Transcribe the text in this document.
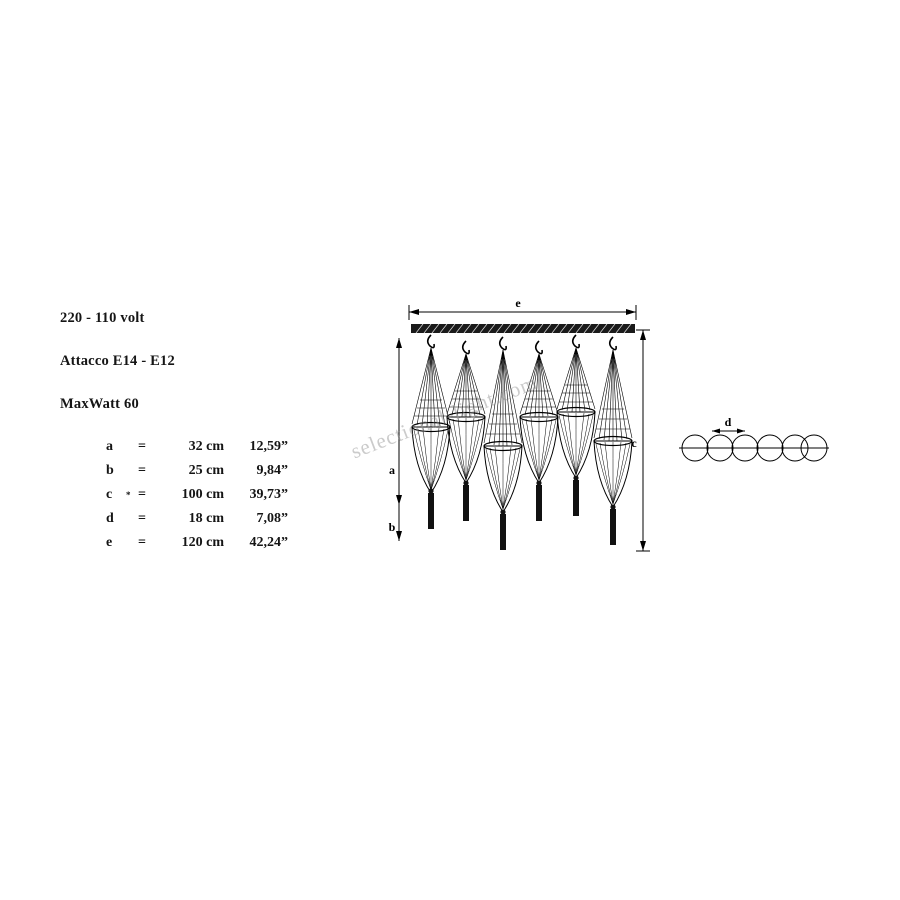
220 - 110 volt
Attacco E14 - E12
MaxWatt 60
a	=	32 cm	12,59”
b	=	25 cm	9,84”
c	* =	100 cm	39,73”
d	=	18 cm	7,08”
e	=	120 cm	42,24”
e
c
a
b
d
selectional-light.com
